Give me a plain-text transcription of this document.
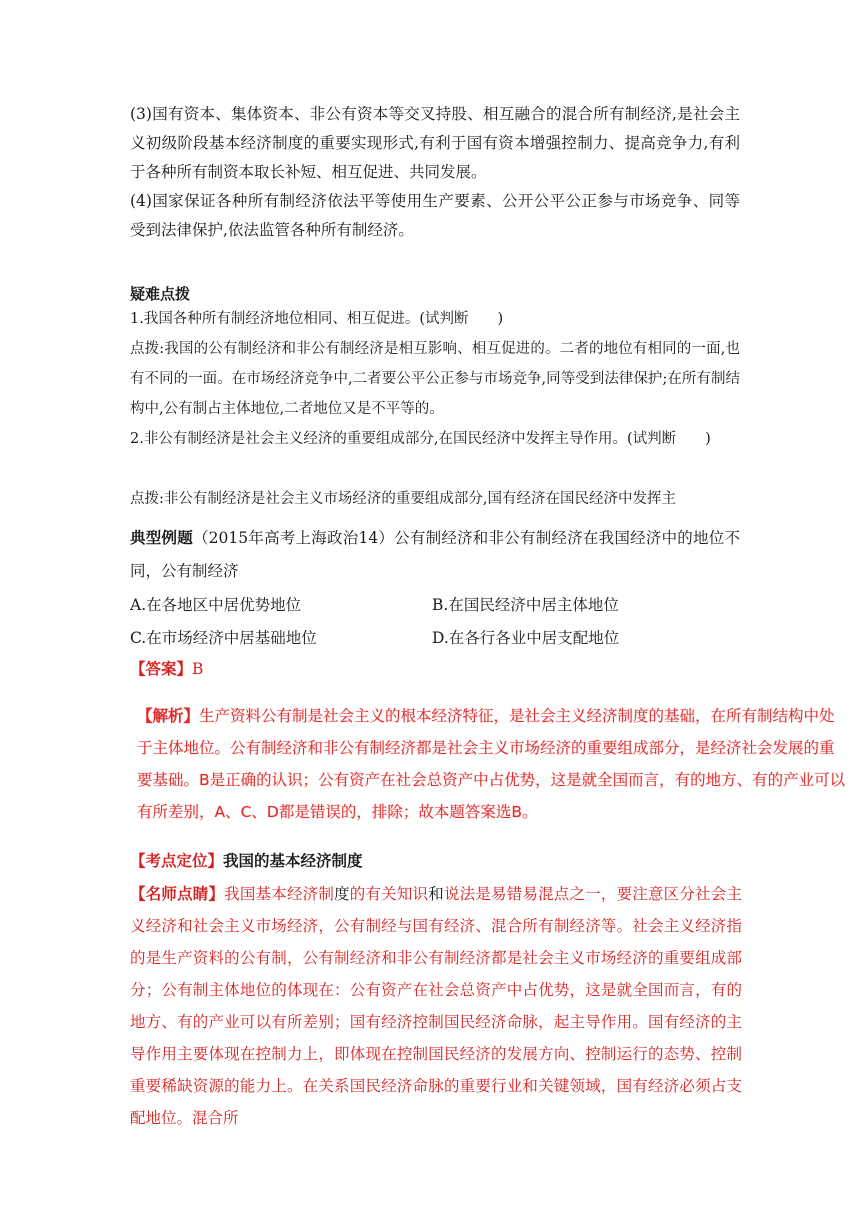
(3)国有资本、集体资本、非公有资本等交叉持股、相互融合的混合所有制经济,是社会主义初级阶段基本经济制度的重要实现形式,有利于国有资本增强控制力、提高竞争力,有利于各种所有制资本取长补短、相互促进、共同发展。

(4)国家保证各种所有制经济依法平等使用生产要素、公开公平公正参与市场竞争、同等受到法律保护,依法监管各种所有制经济。

疑难点拨

1.我国各种所有制经济地位相同、相互促进。(试判断　　)

点拨:我国的公有制经济和非公有制经济是相互影响、相互促进的。二者的地位有相同的一面,也有不同的一面。在市场经济竞争中,二者要公平公正参与市场竞争,同等受到法律保护;在所有制结构中,公有制占主体地位,二者地位又是不平等的。

2.非公有制经济是社会主义经济的重要组成部分,在国民经济中发挥主导作用。(试判断　　)

点拨:非公有制经济是社会主义市场经济的重要组成部分,国有经济在国民经济中发挥主

典型例题（2015年高考上海政治14）公有制经济和非公有制经济在我国经济中的地位不同，公有制经济

A.在各地区中居优势地位	B.在国民经济中居主体地位
C.在市场经济中居基础地位	D.在各行各业中居支配地位

【答案】B

【解析】生产资料公有制是社会主义的根本经济特征，是社会主义经济制度的基础，在所有制结构中处于主体地位。公有制经济和非公有制经济都是社会主义市场经济的重要组成部分，是经济社会发展的重要基础。B是正确的认识；公有资产在社会总资产中占优势，这是就全国而言，有的地方、有的产业可以有所差别，A、C、D都是错误的，排除；故本题答案选B。

【考点定位】我国的基本经济制度

【名师点睛】我国基本经济制度的有关知识和说法是易错易混点之一，要注意区分社会主义经济和社会主义市场经济，公有制经与国有经济、混合所有制经济等。社会主义经济指的是生产资料的公有制，公有制经济和非公有制经济都是社会主义市场经济的重要组成部分；公有制主体地位的体现在：公有资产在社会总资产中占优势，这是就全国而言，有的地方、有的产业可以有所差别；国有经济控制国民经济命脉，起主导作用。国有经济的主导作用主要体现在控制力上，即体现在控制国民经济的发展方向、控制运行的态势、控制重要稀缺资源的能力上。在关系国民经济命脉的重要行业和关键领域，国有经济必须占支配地位。混合所
